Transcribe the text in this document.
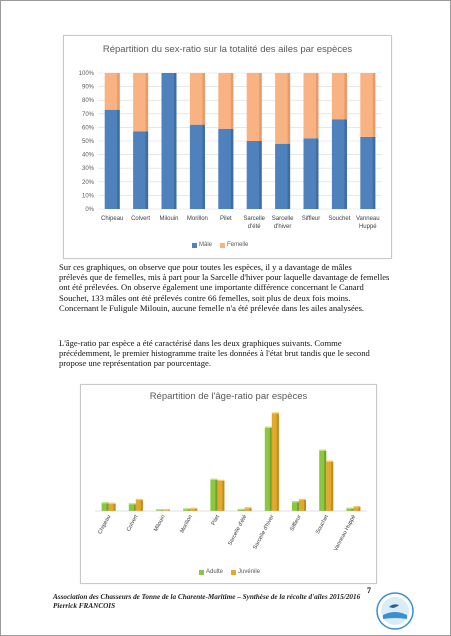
Répartition du sex-ratio sur la totalité des ailes par espèces
0%
10%
20%
30%
40%
50%
60%
70%
80%
90%
100%
Chipeau Colvert Milouin Morillon Pilet Sarcelle
d'été
Sarcelle
d'hiver
Siffleur Souchet Vanneau
Huppé
Mâle	Femelle
Sur ces graphiques, on observe que pour toutes les espèces, il y a davantage de mâles
prélevés que de femelles, mis à part pour la Sarcelle d'hiver pour laquelle davantage de femelles
ont été prélevées. On observe également une importante différence concernant le Canard
Souchet, 133 mâles ont été prélevés contre 66 femelles, soit plus de deux fois moins.
Concernant le Fuligule Milouin, aucune femelle n'a été prélevée dans les ailes analysées.
L'âge-ratio par espèce a été caractérisé dans les deux graphiques suivants. Comme
précédemment, le premier histogramme traite les données à l'état brut tandis que le second
propose une représentation par pourcentage.
Répartition de l'âge-ratio par espèces
Chipeau Colvert Milouin Morillon	Pilet Sarcelle d'été Sarcelle d'hiver Siffleur Souchet Vanneau Huppé
Adulte	Juvénile
Association des Chasseurs de Tonne de la Charente-Maritime – Synthèse de la récolte d'ailes 2015/2016
Pierrick FRANCOIS
7
